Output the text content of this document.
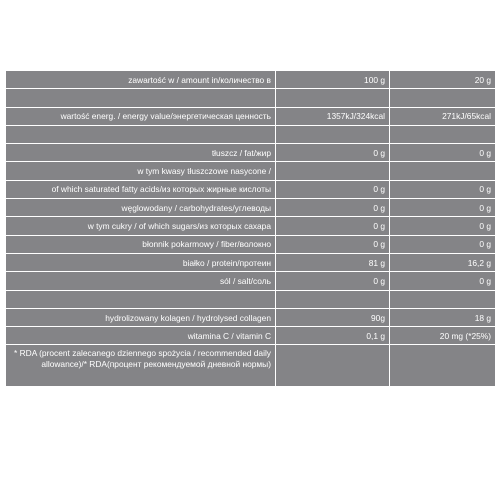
zawartość w / amount in/количество в	100 g	20 g

wartość energ. / energy value/энергетическая ценность	1357kJ/324kcal	271kJ/65kcal

tłuszcz / fat/жир	0 g	0 g
w tym kwasy tłuszczowe nasycone /		
of which saturated fatty acids/из которых жирные кислоты	0 g	0 g
węglowodany / carbohydrates/углеводы	0 g	0 g
w tym cukry / of which sugars/из которых сахара	0 g	0 g
błonnik pokarmowy / fiber/волокно	0 g	0 g
białko / protein/протеин	81 g	16,2 g
sól / salt/соль	0 g	0 g

hydrolizowany kolagen / hydrolysed collagen	90g	18 g
witamina C / vitamin C	0,1 g	20 mg (*25%)
* RDA (procent zalecanego dziennego spożycia / recommended daily allowance)/* RDA(процент рекомендуемой дневной нормы)		
